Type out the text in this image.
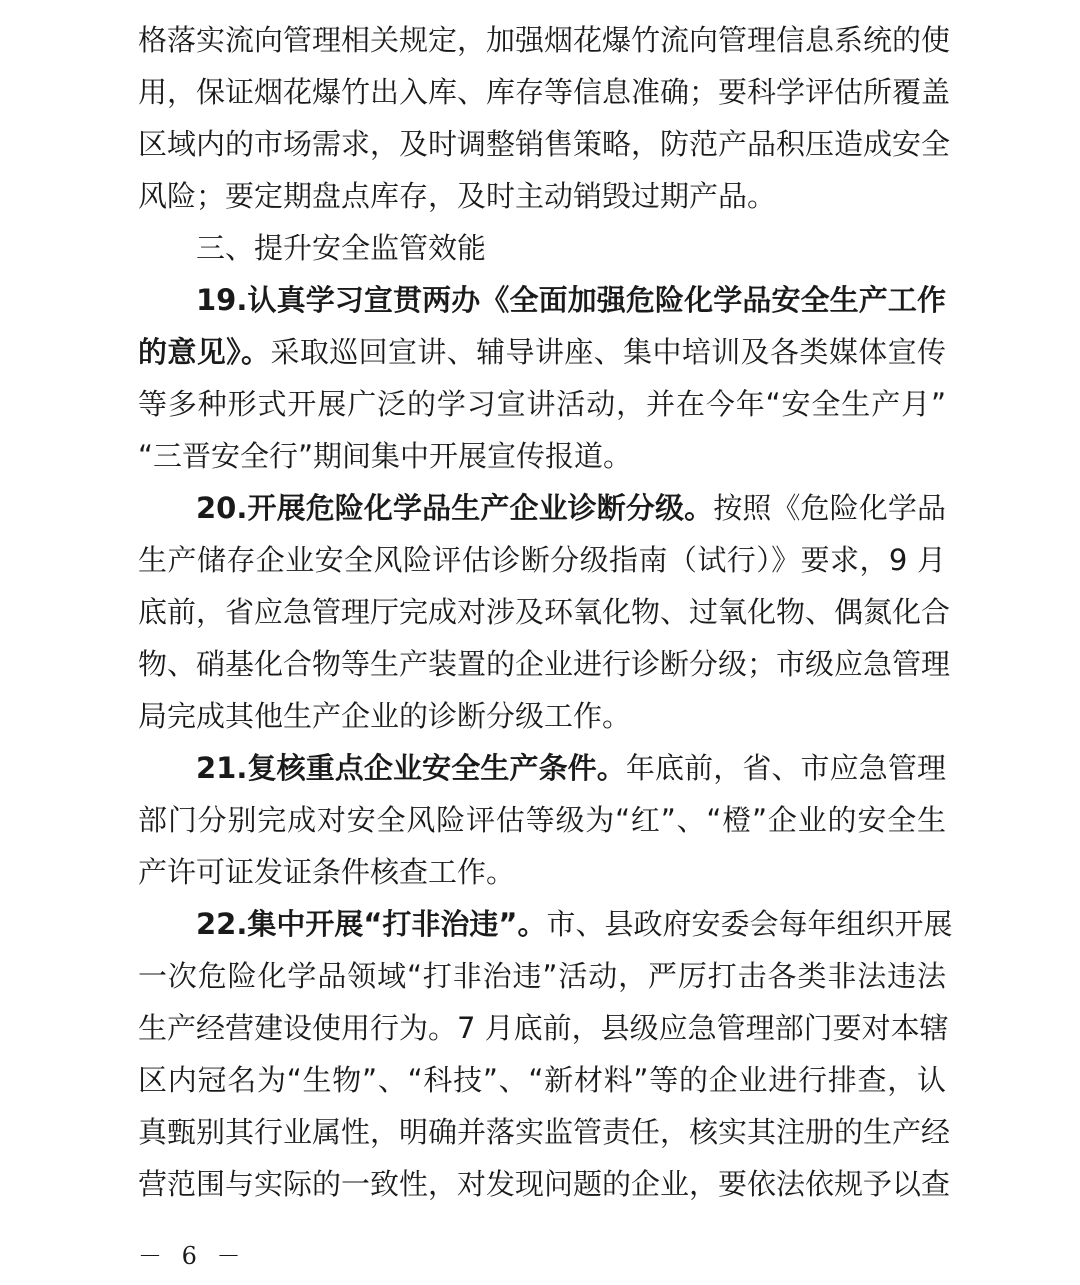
格落实流向管理相关规定，加强烟花爆竹流向管理信息系统的使
用，保证烟花爆竹出入库、库存等信息准确；要科学评估所覆盖
区域内的市场需求，及时调整销售策略，防范产品积压造成安全
风险；要定期盘点库存，及时主动销毁过期产品。
三、提升安全监管效能
19.认真学习宣贯两办《全面加强危险化学品安全生产工作
的意见》。采取巡回宣讲、辅导讲座、集中培训及各类媒体宣传
等多种形式开展广泛的学习宣讲活动，并在今年“安全生产月”
“三晋安全行”期间集中开展宣传报道。
20.开展危险化学品生产企业诊断分级。按照《危险化学品
生产储存企业安全风险评估诊断分级指南（试行）》要求，9 月
底前，省应急管理厅完成对涉及环氧化物、过氧化物、偶氮化合
物、硝基化合物等生产装置的企业进行诊断分级；市级应急管理
局完成其他生产企业的诊断分级工作。
21.复核重点企业安全生产条件。年底前，省、市应急管理
部门分别完成对安全风险评估等级为“红”、“橙”企业的安全生
产许可证发证条件核查工作。
22.集中开展“打非治违”。市、县政府安委会每年组织开展
一次危险化学品领域“打非治违”活动，严厉打击各类非法违法
生产经营建设使用行为。7 月底前，县级应急管理部门要对本辖
区内冠名为“生物”、“科技”、“新材料”等的企业进行排查，认
真甄别其行业属性，明确并落实监管责任，核实其注册的生产经
营范围与实际的一致性，对发现问题的企业，要依法依规予以查
－ 6 －
